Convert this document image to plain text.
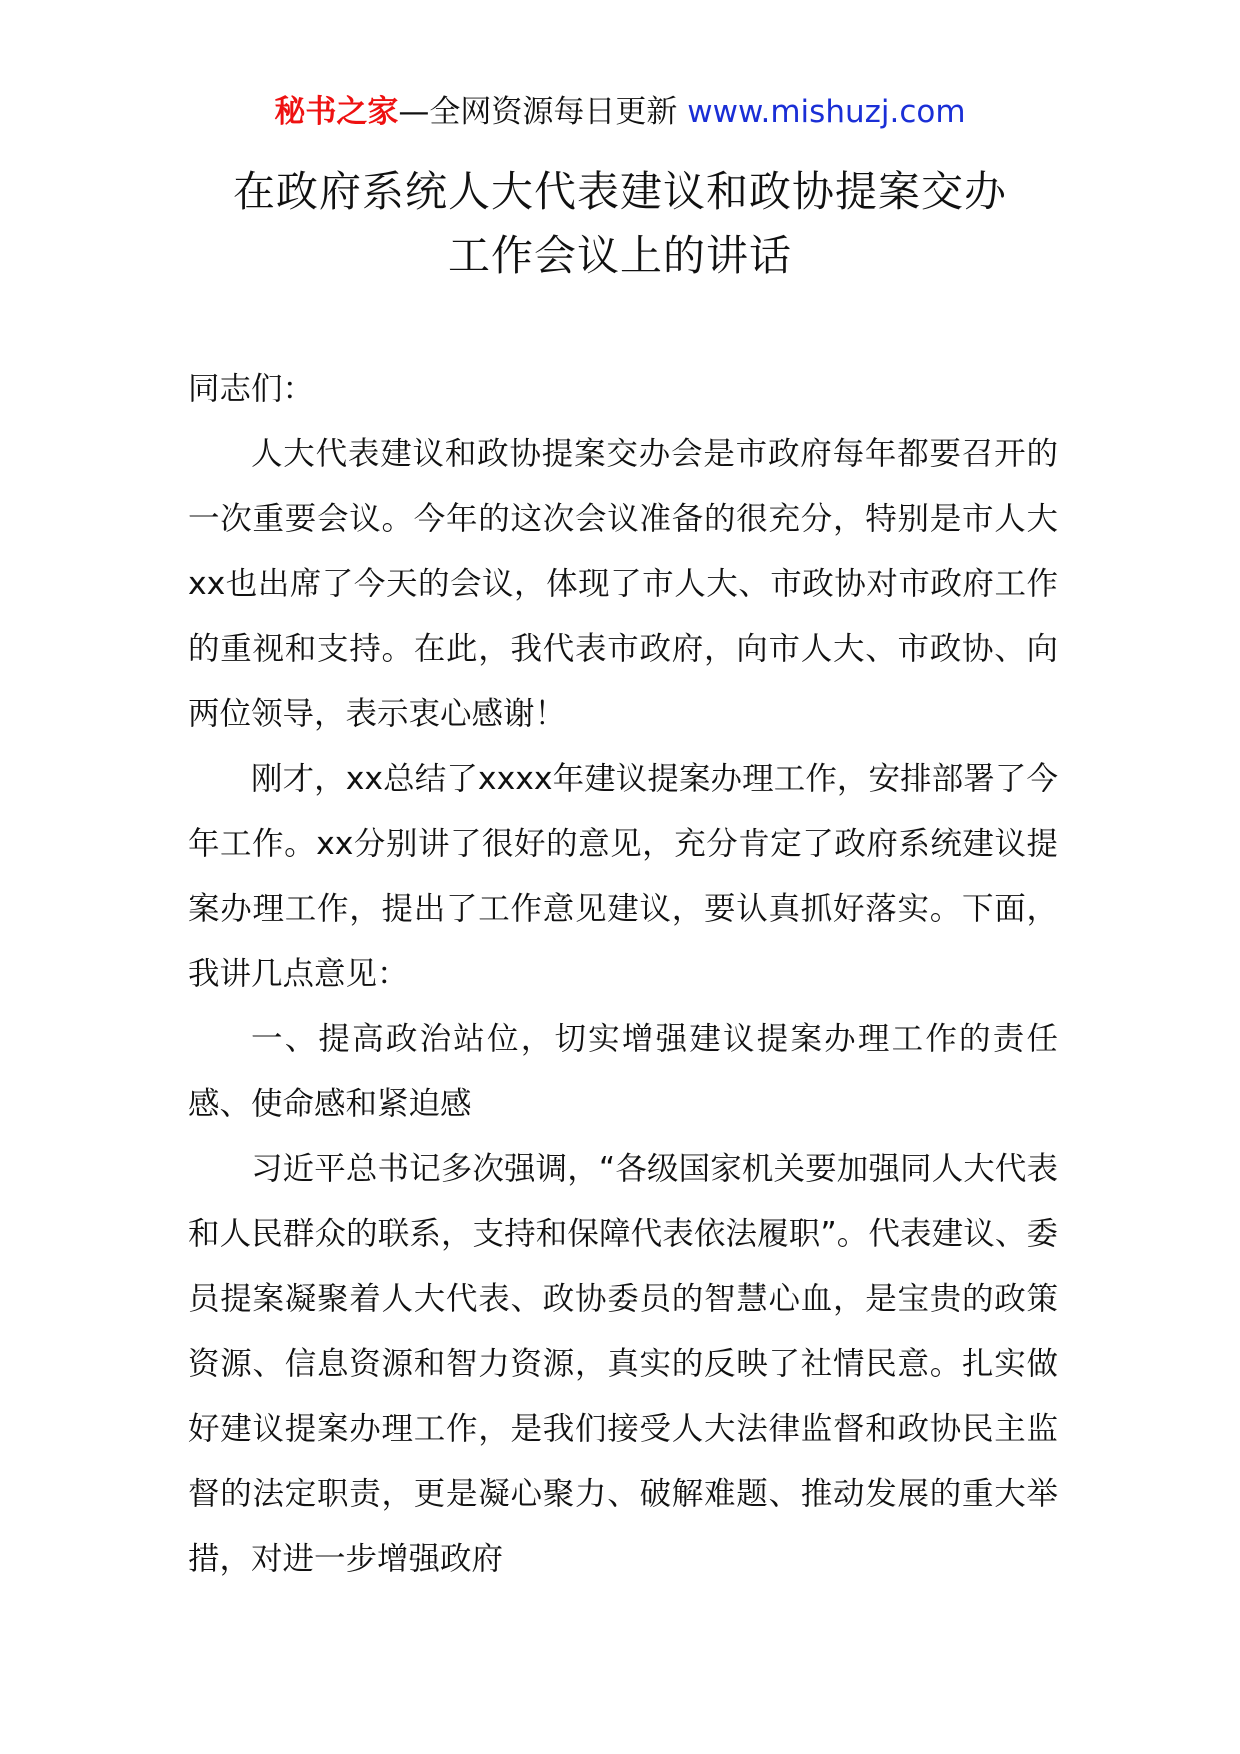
秘书之家—全网资源每日更新 www.mishuzj.com
在政府系统人大代表建议和政协提案交办
工作会议上的讲话

同志们：

人大代表建议和政协提案交办会是市政府每年都要召开的一次重要会议。今年的这次会议准备的很充分，特别是市人大xx也出席了今天的会议，体现了市人大、市政协对市政府工作的重视和支持。在此，我代表市政府，向市人大、市政协、向两位领导，表示衷心感谢！

刚才，xx总结了xxxx年建议提案办理工作，安排部署了今年工作。xx分别讲了很好的意见，充分肯定了政府系统建议提案办理工作，提出了工作意见建议，要认真抓好落实。下面，我讲几点意见：

一、提高政治站位，切实增强建议提案办理工作的责任感、使命感和紧迫感

习近平总书记多次强调，“各级国家机关要加强同人大代表和人民群众的联系，支持和保障代表依法履职”。代表建议、委员提案凝聚着人大代表、政协委员的智慧心血，是宝贵的政策资源、信息资源和智力资源，真实的反映了社情民意。扎实做好建议提案办理工作，是我们接受人大法律监督和政协民主监督的法定职责，更是凝心聚力、破解难题、推动发展的重大举措，对进一步增强政府
